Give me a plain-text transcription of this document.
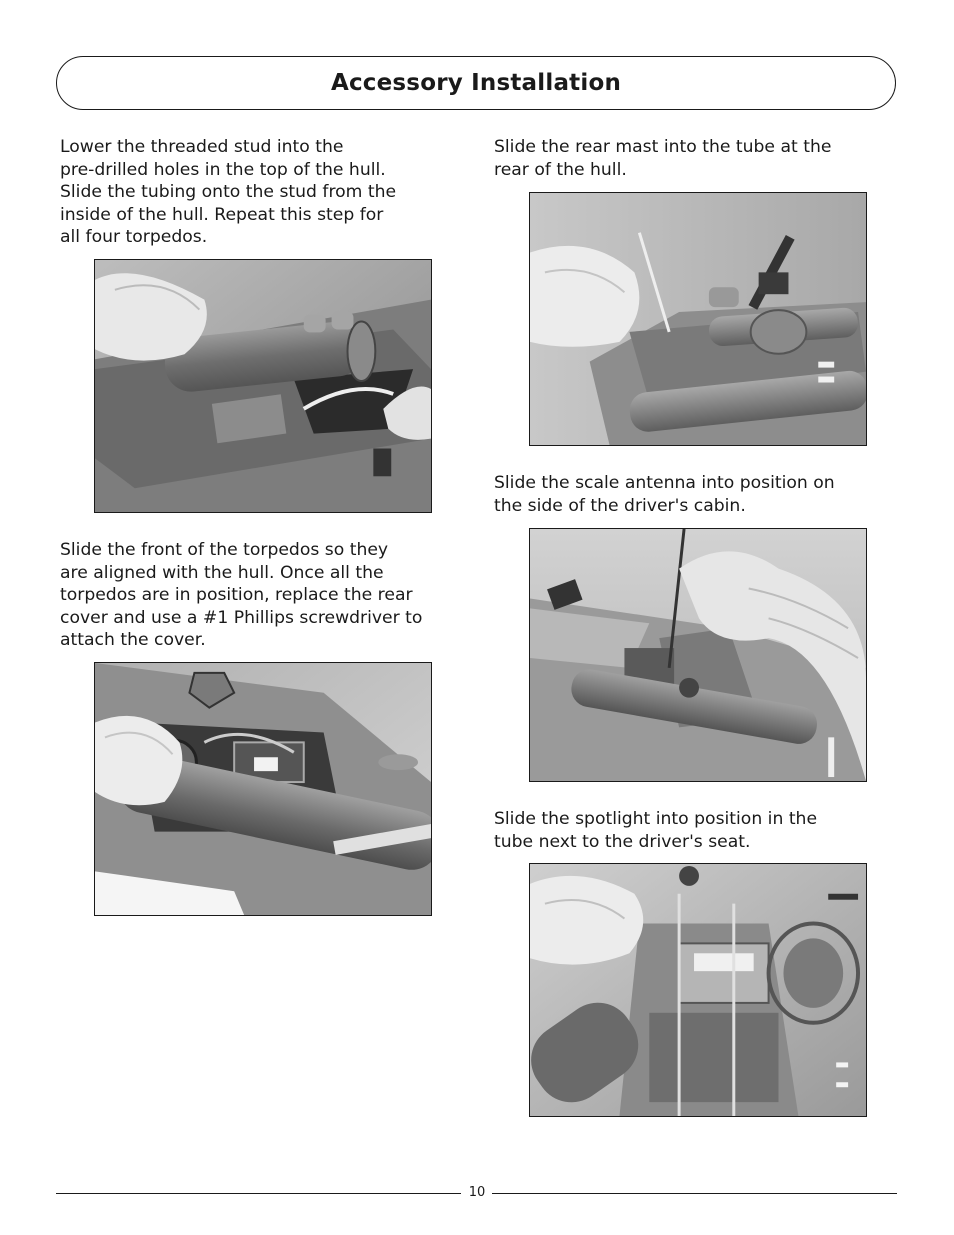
Accessory Installation

Lower the threaded stud into the
pre-drilled holes in the top of the hull.
Slide the tubing onto the stud from the
inside of the hull. Repeat this step for
all four torpedos.

Slide the front of the torpedos so they
are aligned with the hull. Once all the
torpedos are in position, replace the rear
cover and use a #1 Phillips screwdriver to
attach the cover.

Slide the rear mast into the tube at the
rear of the hull.

Slide the scale antenna into position on
the side of the driver's cabin.

Slide the spotlight into position in the
tube next to the driver's seat.

10
